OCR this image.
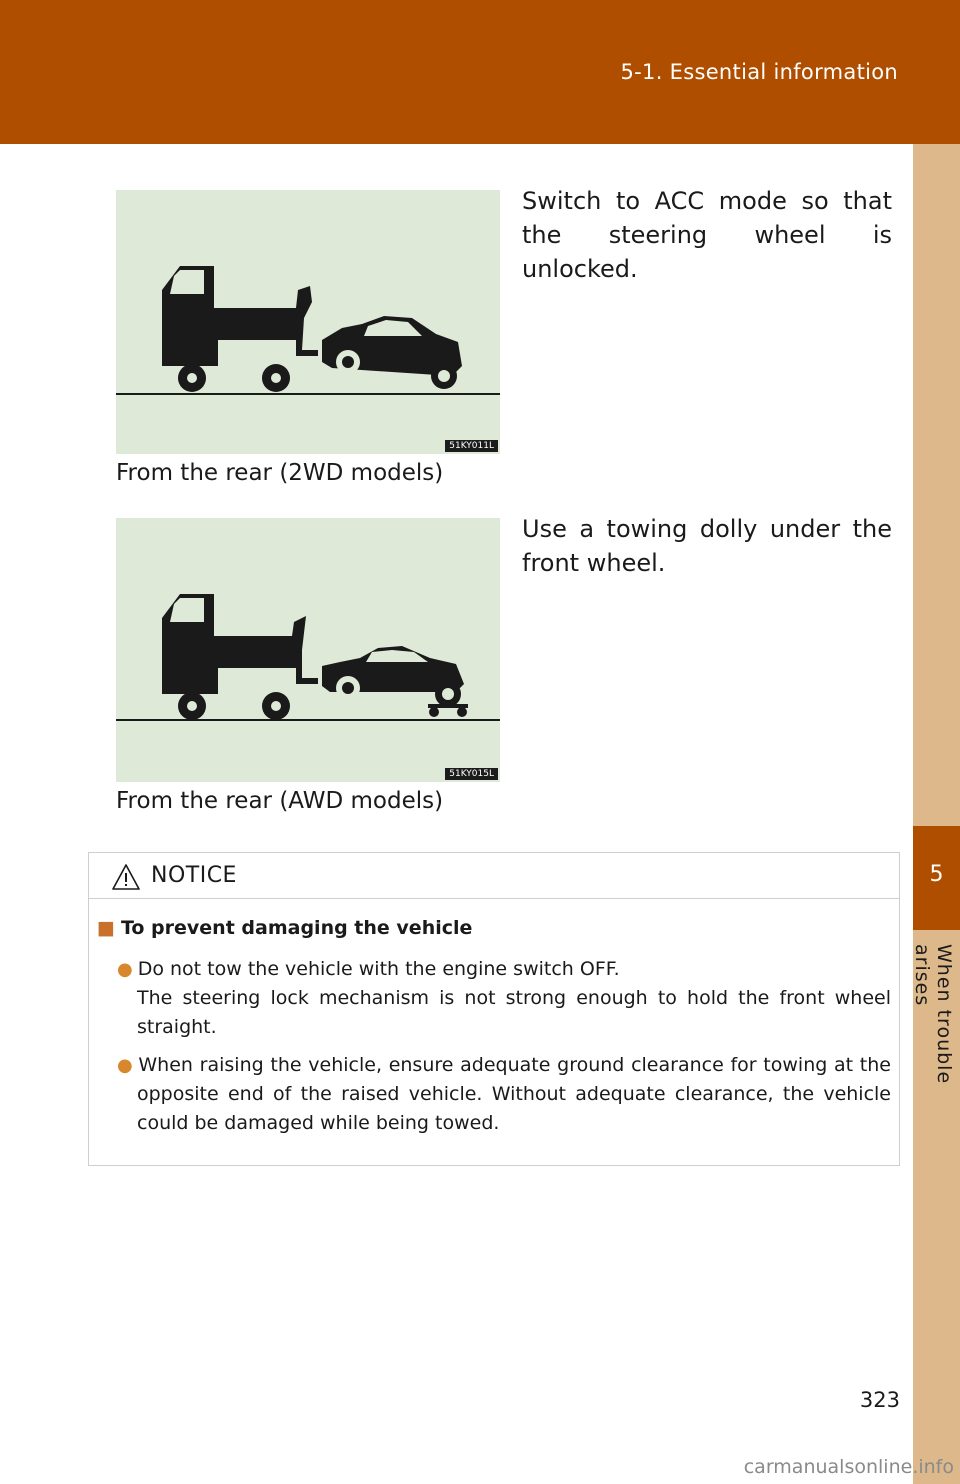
5-1. Essential information
5
When trouble arises
51KY011L
From the rear (2WD models)
Switch to ACC mode so that the steering wheel is unlocked.
51KY015L
From the rear (AWD models)
Use a towing dolly under the front wheel.
NOTICE
■ To prevent damaging the vehicle
● Do not tow the vehicle with the engine switch OFF.
The steering lock mechanism is not strong enough to hold the front wheel straight.
● When raising the vehicle, ensure adequate ground clearance for towing at the opposite end of the raised vehicle. Without adequate clearance, the vehicle could be damaged while being towed.
323
carmanualsonline.info
